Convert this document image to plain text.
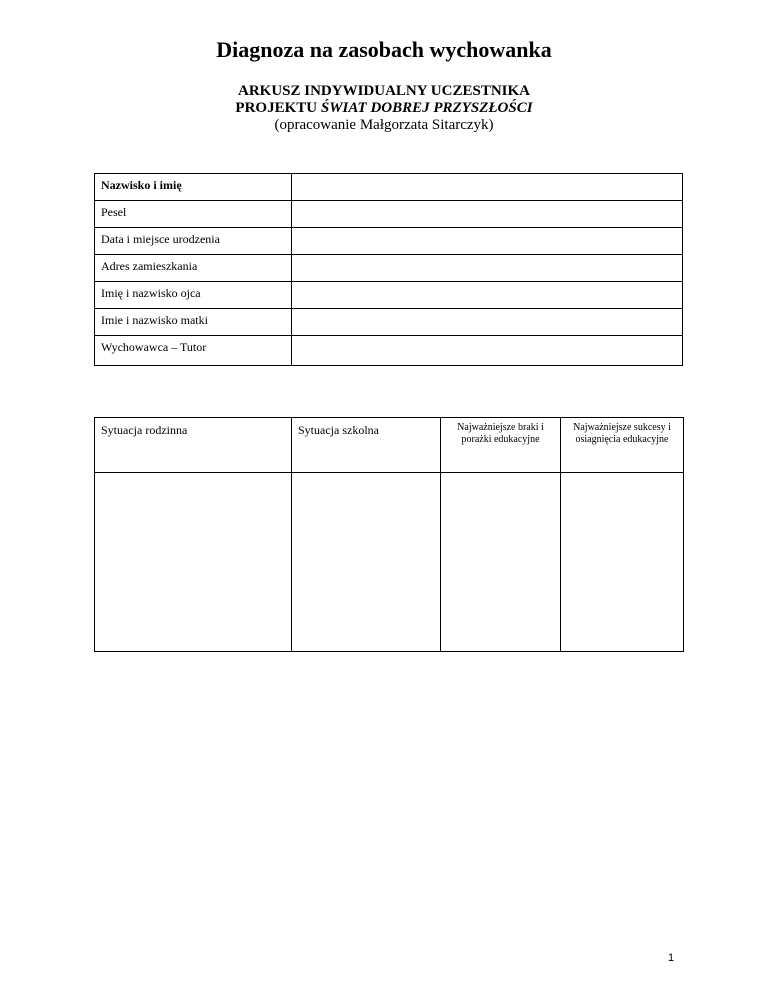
Diagnoza na zasobach wychowanka
ARKUSZ INDYWIDUALNY UCZESTNIKA
PROJEKTU ŚWIAT DOBREJ PRZYSZŁOŚCI
(opracowanie Małgorzata Sitarczyk)
Nazwisko i imię	
Pesel	
Data i miejsce urodzenia	
Adres zamieszkania	
Imię i nazwisko ojca	
Imie i nazwisko matki	
Wychowawca – Tutor	
Sytuacja rodzinna	Sytuacja szkolna	Najważniejsze braki i porażki edukacyjne	Najważniejsze sukcesy i osiagnięcia edukacyjne

1
